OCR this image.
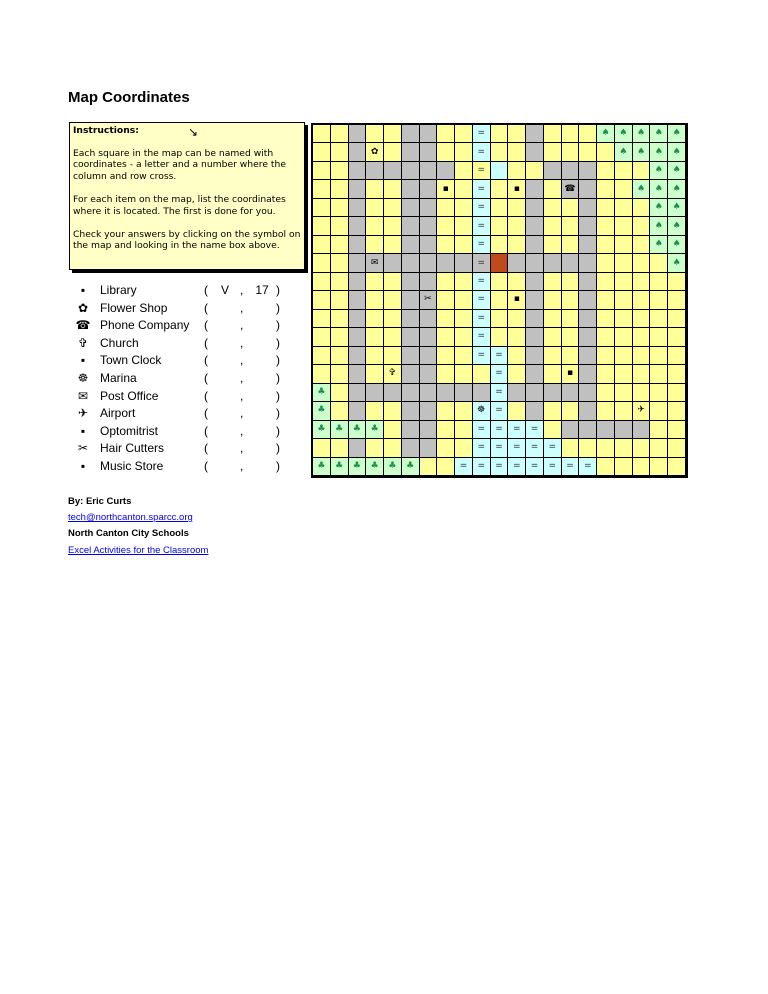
Map Coordinates
▪	Library	( V , 17 )
✿ Flower Shop	(	,	)
☎ Phone Company (	,	)
✞ Church	(	,	)
▪	Town Clock	(	,	)
☸ Marina	(	,	)
✉ Post Office	(	,	)
✈ Airport	(	,	)
▪	Optomitrist	(	,	)
✂ Hair Cutters	(	,	)
▪	Music Store	(	,	)
Instructions:	↘

Each square in the map can be named with coordinates - a letter and a number where the column and row cross.

For each item on the map, list the coordinates where it is located. The first is done for you.

Check your answers by clicking on the symbol on the map and looking in the name box above.

=	♠ ♠ ♠ ♠ ♠
✿	=	♠ ♠ ♠ ♠
=	♠ ♠
▪	=	▪	☎	♠ ♠ ♠
=	♠ ♠
=	♠ ♠
=	♠ ♠
✉	=	♠
=
✂	=	▪
=
=
= =
✞	=	▪
♣	=
♣	☸ =	✈
♣ ♣ ♣ ♣	= = = =
= = = = =
♣ ♣ ♣ ♣ ♣ ♣	= = = = = = = =
By: Eric Curts
tech@northcanton.sparcc.org
North Canton City Schools
Excel Activities for the Classroom
